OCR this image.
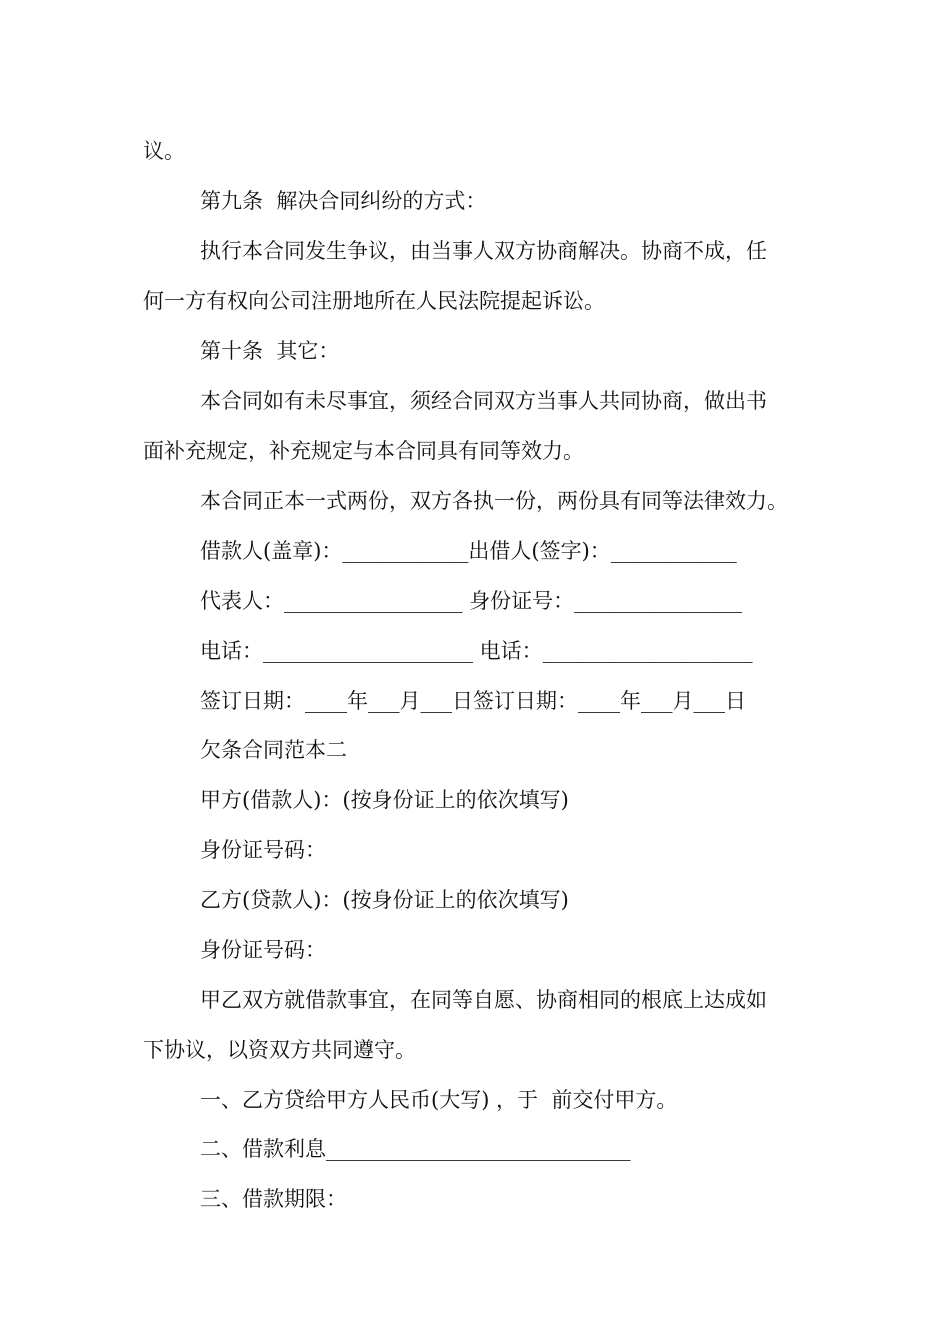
议。
第九条  解决合同纠纷的方式：
执行本合同发生争议，由当事人双方协商解决。协商不成，任
何一方有权向公司注册地所在人民法院提起诉讼。
第十条  其它：
本合同如有未尽事宜，须经合同双方当事人共同协商，做出书
面补充规定，补充规定与本合同具有同等效力。
本合同正本一式两份，双方各执一份，两份具有同等法律效力。
借款人(盖章)：____________出借人(签字)：____________
代表人：_________________ 身份证号：________________
电话：____________________ 电话：____________________
签订日期：____年___月___日签订日期：____年___月___日
欠条合同范本二
甲方(借款人)：(按身份证上的依次填写)
身份证号码：
乙方(贷款人)：(按身份证上的依次填写)
身份证号码：
甲乙双方就借款事宜，在同等自愿、协商相同的根底上达成如
下协议，以资双方共同遵守。
一、乙方贷给甲方人民币(大写) ，于  前交付甲方。
二、借款利息_____________________________
三、借款期限：
